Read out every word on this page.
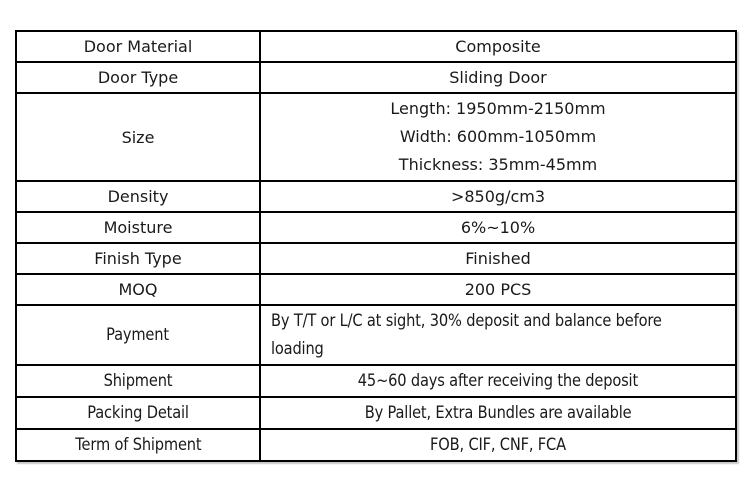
Door Material	Composite

Door Type	Sliding Door

Size	Length: 1950mm-2150mm
Width: 600mm-1050mm
Thickness: 35mm-45mm

Density	>850g/cm3

Moisture	6%~10%

Finish Type	Finished

MOQ	200 PCS

Payment	By T/T or L/C at sight, 30% deposit and balance before
loading

Shipment	45~60 days after receiving the deposit

Packing Detail	By Pallet, Extra Bundles are available

Term of Shipment	FOB, CIF, CNF, FCA
